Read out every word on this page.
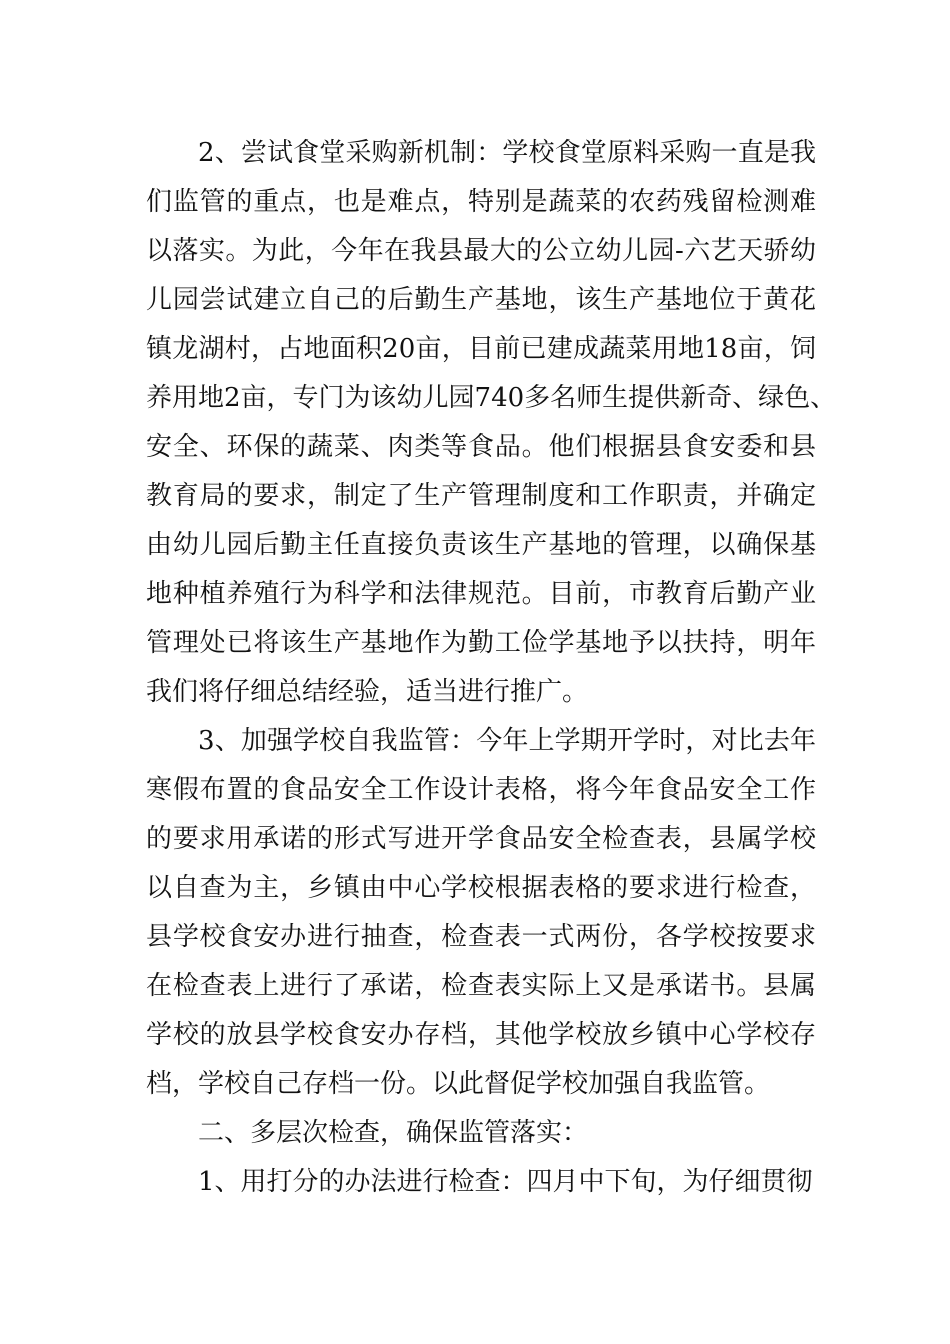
2、尝试食堂采购新机制：学校食堂原料采购一直是我
们监管的重点，也是难点，特别是蔬菜的农药残留检测难
以落实。为此，今年在我县最大的公立幼儿园-六艺天骄幼
儿园尝试建立自己的后勤生产基地，该生产基地位于黄花
镇龙湖村，占地面积20亩，目前已建成蔬菜用地18亩，饲
养用地2亩，专门为该幼儿园740多名师生提供新奇、绿色、
安全、环保的蔬菜、肉类等食品。他们根据县食安委和县
教育局的要求，制定了生产管理制度和工作职责，并确定
由幼儿园后勤主任直接负责该生产基地的管理，以确保基
地种植养殖行为科学和法律规范。目前，市教育后勤产业
管理处已将该生产基地作为勤工俭学基地予以扶持，明年
我们将仔细总结经验，适当进行推广。
3、加强学校自我监管：今年上学期开学时，对比去年
寒假布置的食品安全工作设计表格，将今年食品安全工作
的要求用承诺的形式写进开学食品安全检查表，县属学校
以自查为主，乡镇由中心学校根据表格的要求进行检查，
县学校食安办进行抽查，检查表一式两份，各学校按要求
在检查表上进行了承诺，检查表实际上又是承诺书。县属
学校的放县学校食安办存档，其他学校放乡镇中心学校存
档，学校自己存档一份。以此督促学校加强自我监管。
二、多层次检查，确保监管落实：
1、用打分的办法进行检查：四月中下旬，为仔细贯彻
